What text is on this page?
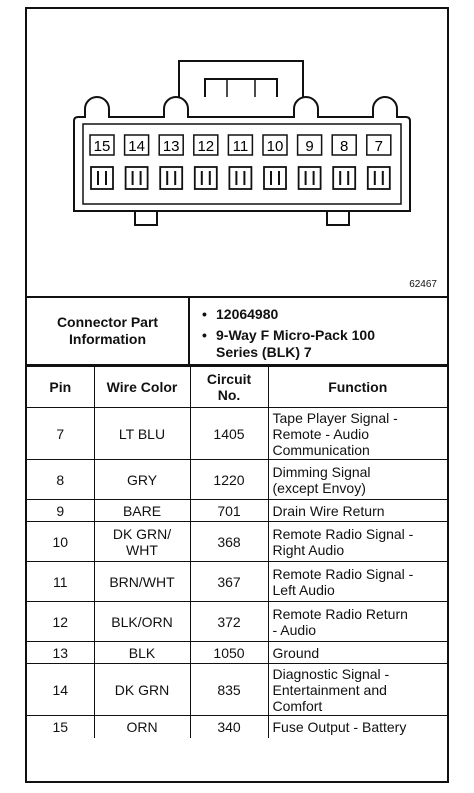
15 14 13 12 11 10 9 8 7
62467
Connector Part
Information
• 12064980
• 9-Way F Micro-Pack 100
Series (BLK) 7
Pin	Wire Color	Circuit
No.	Function
7	LT BLU	1405	Tape Player Signal -
Remote - Audio
Communication
8	GRY	1220	Dimming Signal
(except Envoy)
9	BARE	701	Drain Wire Return
10	DK GRN/
WHT	368	Remote Radio Signal -
Right Audio
11	BRN/WHT	367	Remote Radio Signal -
Left Audio
12	BLK/ORN	372	Remote Radio Return
- Audio
13	BLK	1050	Ground
14	DK GRN	835	Diagnostic Signal -
Entertainment and
Comfort
15	ORN	340	Fuse Output - Battery
